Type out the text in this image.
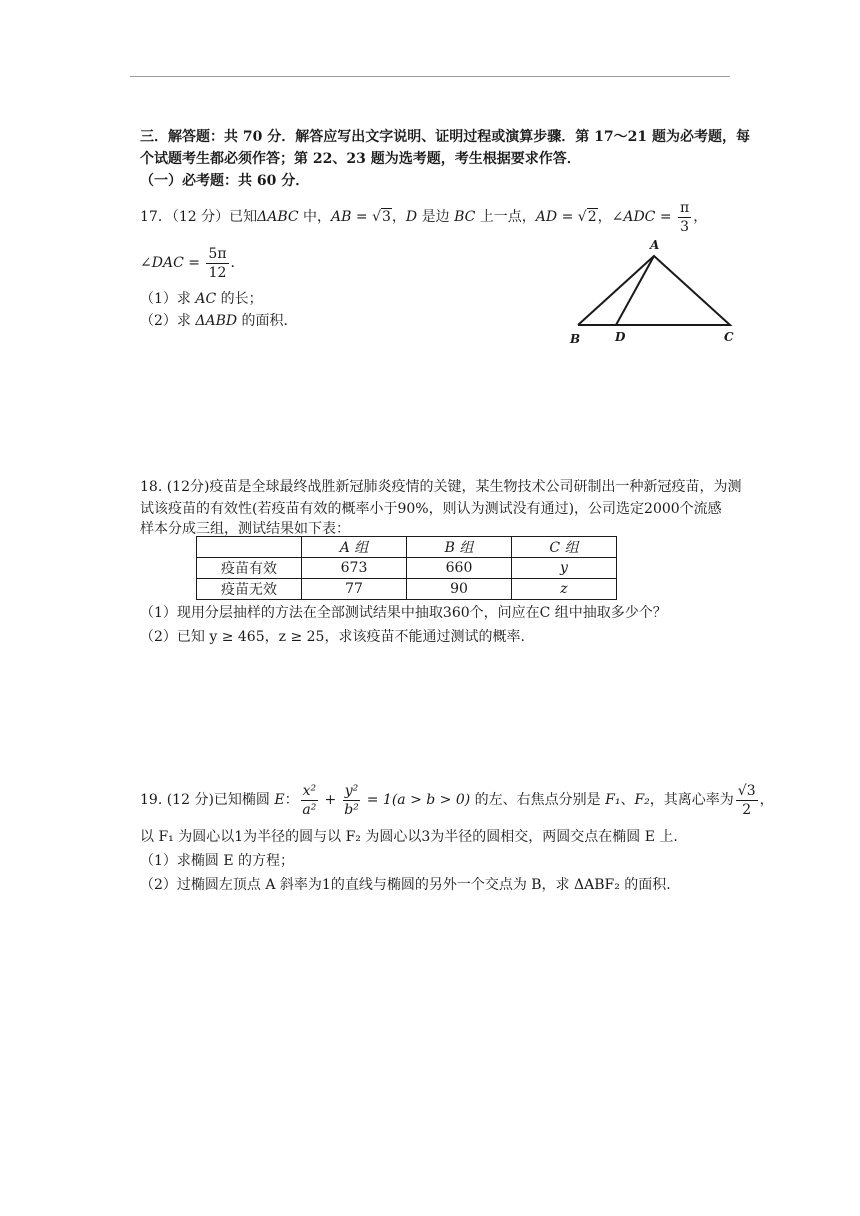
三．解答题：共 70 分．解答应写出文字说明、证明过程或演算步骤．第 17～21 题为必考题，每
个试题考生都必须作答；第 22、23 题为选考题，考生根据要求作答．
（一）必考题：共 60 分．
17．（12 分）已知ΔABC 中，AB = √3，D 是边 BC 上一点，AD = √2，∠ADC = $\frac{\pi}{3}$ ，
∠DAC = $\frac{5\pi}{12}$ ．
（1）求 AC 的长；
（2）求 ΔABD 的面积．
A
B	D	C
18. (12分)疫苗是全球最终战胜新冠肺炎疫情的关键，某生物技术公司研制出一种新冠疫苗，为测
试该疫苗的有效性(若疫苗有效的概率小于90%，则认为测试没有通过)，公司选定2000个流感
样本分成三组，测试结果如下表：
	A 组	B 组	C 组
疫苗有效	673	660	y
疫苗无效	77	90	z
（1）现用分层抽样的方法在全部测试结果中抽取360个，问应在C 组中抽取多少个？
（2）已知 y ≥ 465，z ≥ 25，求该疫苗不能通过测试的概率.
19. (12 分)已知椭圆 E： $\frac{\text{x²}}{\text{a²}} + \frac{\text{y²}}{\text{b²}} = 1(a > b > 0)$ 的左、右焦点分别是 F₁、F₂，其离心率为 $\frac{√3}{2}$ ，
以 F₁ 为圆心以1为半径的圆与以 F₂ 为圆心以3为半径的圆相交，两圆交点在椭圆 E 上.
（1）求椭圆 E 的方程；
（2）过椭圆左顶点 A 斜率为1的直线与椭圆的另外一个交点为 B，求 ΔABF₂ 的面积.
